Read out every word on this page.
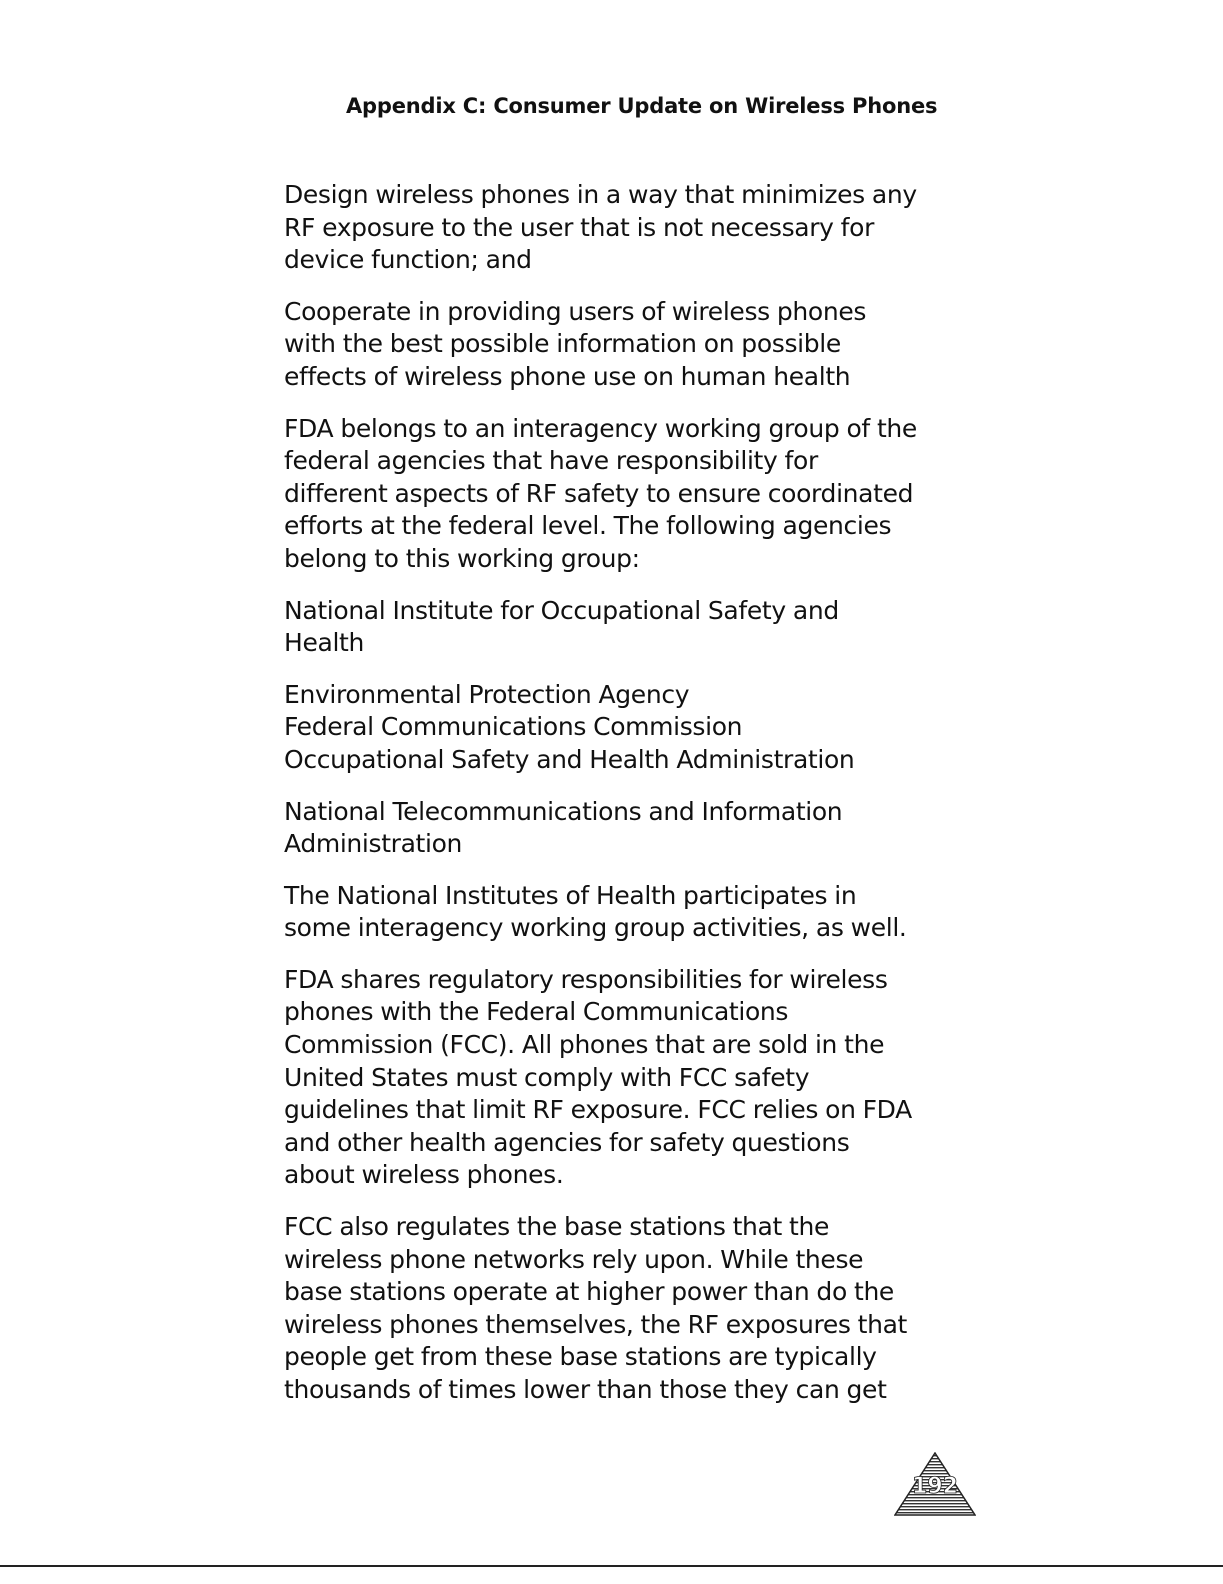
Appendix C: Consumer Update on Wireless Phones

Design wireless phones in a way that minimizes any
RF exposure to the user that is not necessary for
device function; and

Cooperate in providing users of wireless phones
with the best possible information on possible
effects of wireless phone use on human health

FDA belongs to an interagency working group of the
federal agencies that have responsibility for
different aspects of RF safety to ensure coordinated
efforts at the federal level. The following agencies
belong to this working group:

National Institute for Occupational Safety and
Health

Environmental Protection Agency
Federal Communications Commission
Occupational Safety and Health Administration

National Telecommunications and Information
Administration

The National Institutes of Health participates in
some interagency working group activities, as well.

FDA shares regulatory responsibilities for wireless
phones with the Federal Communications
Commission (FCC). All phones that are sold in the
United States must comply with FCC safety
guidelines that limit RF exposure. FCC relies on FDA
and other health agencies for safety questions
about wireless phones.

FCC also regulates the base stations that the
wireless phone networks rely upon. While these
base stations operate at higher power than do the
wireless phones themselves, the RF exposures that
people get from these base stations are typically
thousands of times lower than those they can get

192
